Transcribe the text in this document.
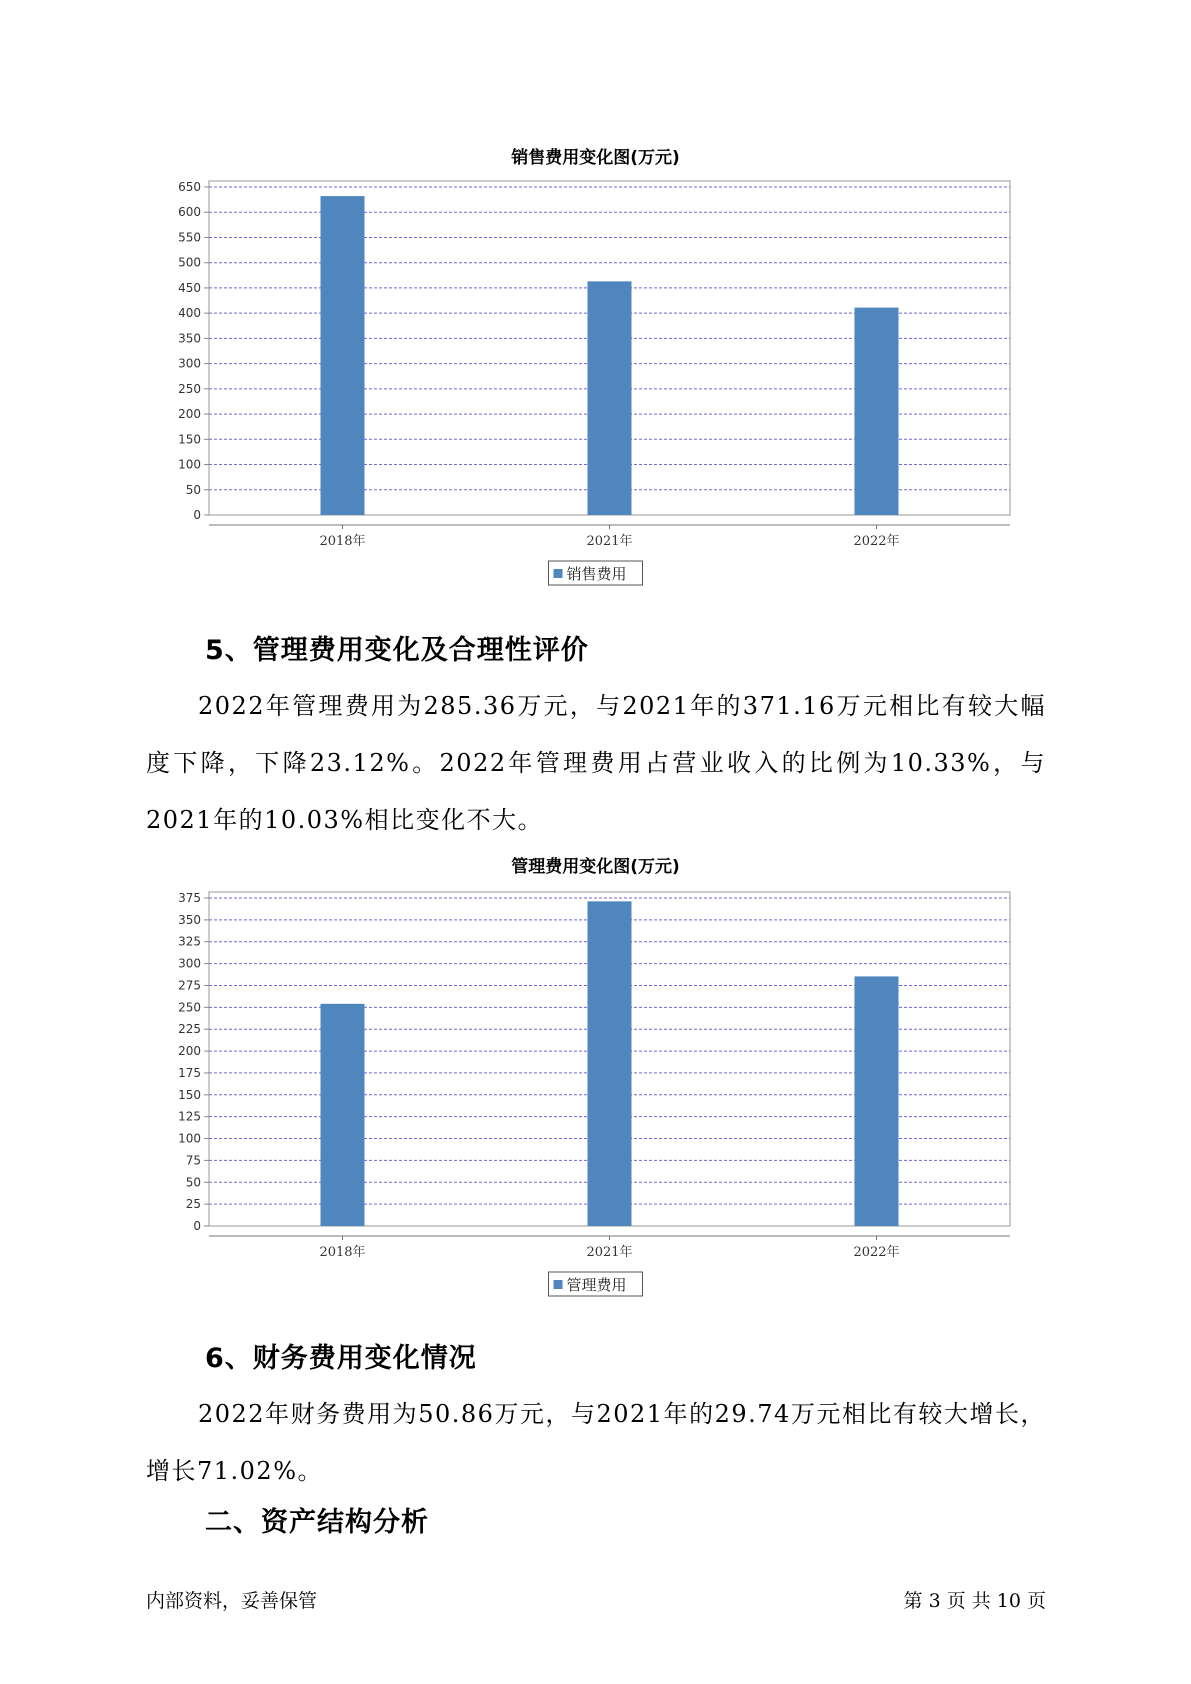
销售费用变化图(万元)
0
50
100
150
200
250
300
350
400
450
500
550
600
650
2018年	2021年	2022年
销售费用
5、管理费用变化及合理性评价
2022年管理费用为285.36万元，与2021年的371.16万元相比有较大幅度下降，下降23.12%。2022年管理费用占营业收入的比例为10.33%，与2021年的10.03%相比变化不大。
管理费用变化图(万元)
0
25
50
75
100
125
150
175
200
225
250
275
300
325
350
375
2018年	2021年	2022年
管理费用
6、财务费用变化情况
2022年财务费用为50.86万元，与2021年的29.74万元相比有较大增长，增长71.02%。
二、资产结构分析
内部资料，妥善保管	第 3 页 共 10 页
